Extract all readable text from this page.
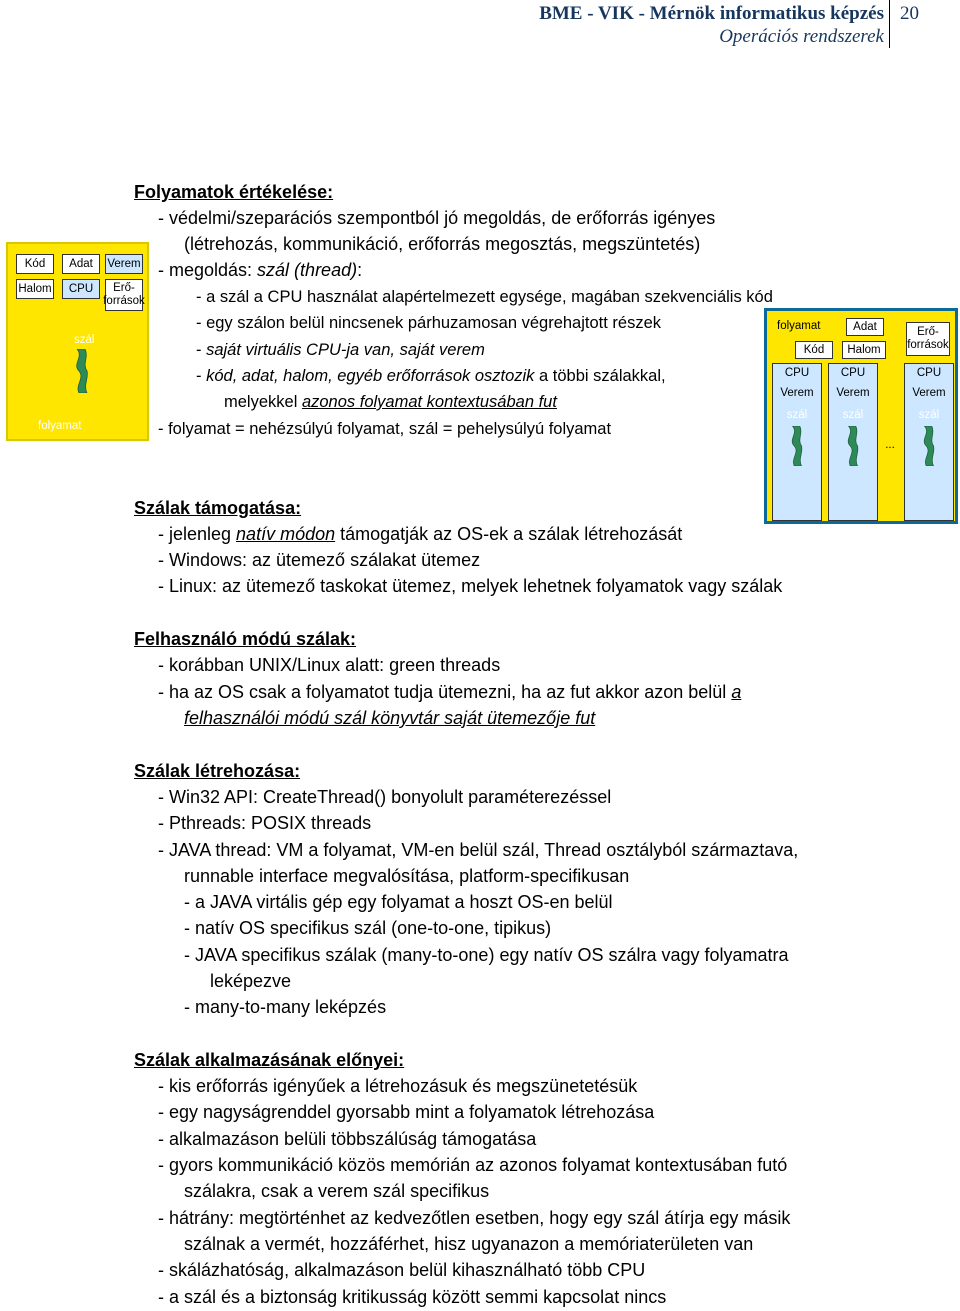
BME - VIK - Mérnök informatikus képzés
Operációs rendszerek
20
Folyamatok értékelése:
- védelmi/szeparációs szempontból jó megoldás, de erőforrás igényes
(létrehozás, kommunikáció, erőforrás megosztás, megszüntetés)
- megoldás: szál (thread):
- a szál a CPU használat alapértelmezett egysége, magában szekvenciális kód
- egy szálon belül nincsenek párhuzamosan végrehajtott részek
- saját virtuális CPU-ja van, saját verem
- kód, adat, halom, egyéb erőforrások osztozik a többi szálakkal,
melyekkel azonos folyamat kontextusában fut
- folyamat = nehézsúlyú folyamat, szál = pehelysúlyú folyamat
Kód	Adat	Verem
Halom	CPU	Erő-
források
szál
folyamat
folyamat	Adat	Erő-
források
Kód	Halom
CPU
Verem
szál
CPU
Verem
szál
...
CPU
Verem
szál
Szálak támogatása:
- jelenleg natív módon támogatják az OS-ek a szálak létrehozását
- Windows: az ütemező szálakat ütemez
- Linux: az ütemező taskokat ütemez, melyek lehetnek folyamatok vagy szálak
Felhasználó módú szálak:
- korábban UNIX/Linux alatt: green threads
- ha az OS csak a folyamatot tudja ütemezni, ha az fut akkor azon belül a
felhasználói módú szál könyvtár saját ütemezője fut
Szálak létrehozása:
- Win32 API: CreateThread() bonyolult paraméterezéssel
- Pthreads: POSIX threads
- JAVA thread: VM a folyamat, VM-en belül szál, Thread osztályból származtava,
runnable interface megvalósítása, platform-specifikusan
- a JAVA virtális gép egy folyamat a hoszt OS-en belül
- natív OS specifikus szál (one-to-one, tipikus)
- JAVA specifikus szálak (many-to-one) egy natív OS szálra vagy folyamatra
leképezve
- many-to-many leképzés
Szálak alkalmazásának előnyei:
- kis erőforrás igényűek a létrehozásuk és megszünetetésük
- egy nagyságrenddel gyorsabb mint a folyamatok létrehozása
- alkalmazáson belüli többszálúság támogatása
- gyors kommunikáció közös memórián az azonos folyamat kontextusában futó
szálakra, csak a verem szál specifikus
- hátrány: megtörténhet az kedvezőtlen esetben, hogy egy szál átírja egy másik
szálnak a vermét, hozzáférhet, hisz ugyanazon a memóriaterületen van
- skálázhatóság, alkalmazáson belül kihasználható több CPU
- a szál és a biztonság kritikusság között semmi kapcsolat nincs
